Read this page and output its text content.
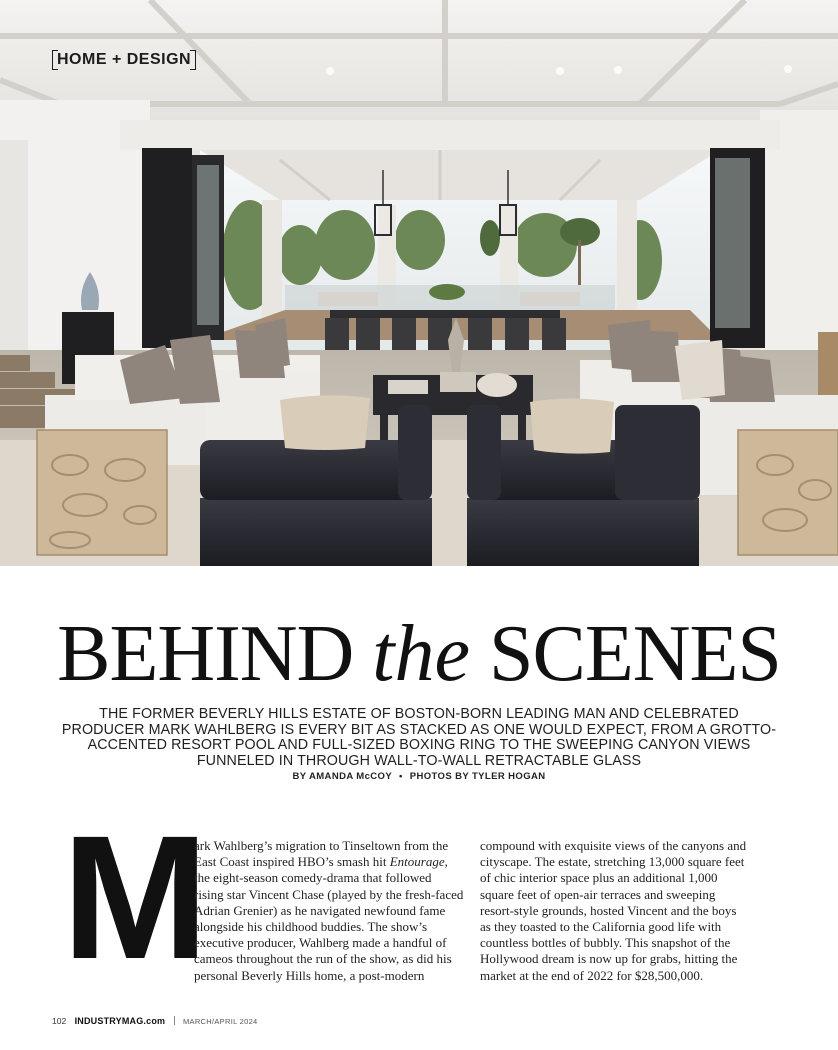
HOME + DESIGN
BEHIND the SCENES
THE FORMER BEVERLY HILLS ESTATE OF BOSTON-BORN LEADING MAN AND CELEBRATED PRODUCER MARK WAHLBERG IS EVERY BIT AS STACKED AS ONE WOULD EXPECT, FROM A GROTTO-ACCENTED RESORT POOL AND FULL-SIZED BOXING RING TO THE SWEEPING CANYON VIEWS FUNNELED IN THROUGH WALL-TO-WALL RETRACTABLE GLASS
BY AMANDA McCOY • PHOTOS BY TYLER HOGAN
M
ark Wahlberg’s migration to Tinseltown from the East Coast inspired HBO’s smash hit Entourage, the eight-season comedy-drama that followed rising star Vincent Chase (played by the fresh-faced Adrian Grenier) as he navigated newfound fame alongside his childhood buddies. The show’s executive producer, Wahlberg made a handful of cameos throughout the run of the show, as did his personal Beverly Hills home, a post-modern
compound with exquisite views of the canyons and cityscape. The estate, stretching 13,000 square feet of chic interior space plus an additional 1,000 square feet of open-air terraces and sweeping resort-style grounds, hosted Vincent and the boys as they toasted to the California good life with countless bottles of bubbly. This snapshot of the Hollywood dream is now up for grabs, hitting the market at the end of 2022 for $28,500,000.
102 INDUSTRYMAG.com MARCH/APRIL 2024
